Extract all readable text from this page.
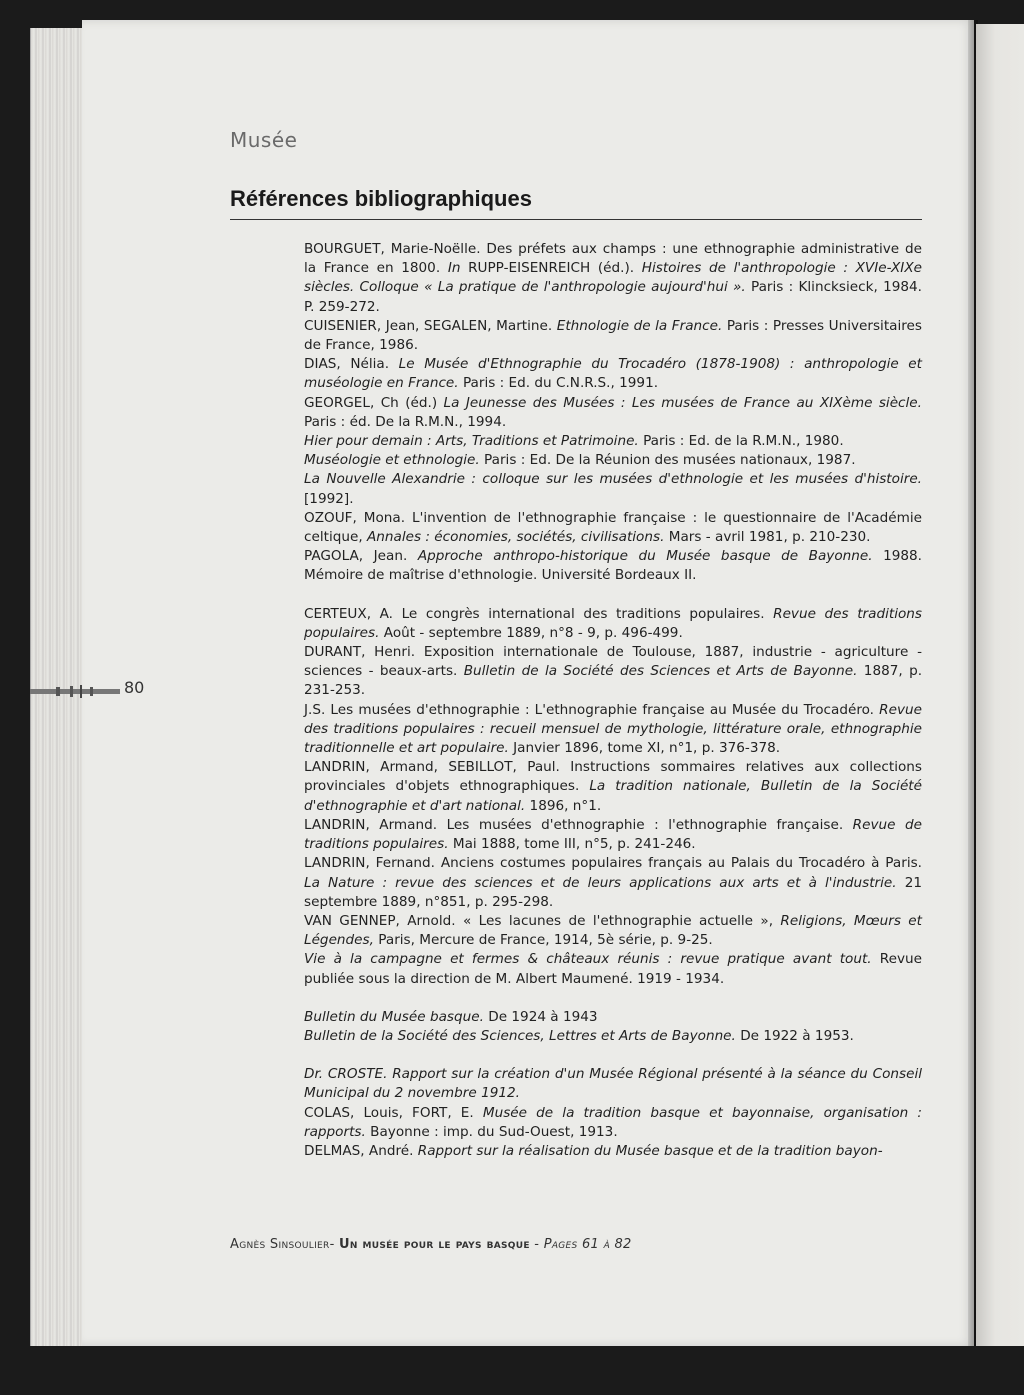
80
Musée
Références bibliographiques

BOURGUET, Marie-Noëlle. Des préfets aux champs : une ethnographie administrative de la France en 1800. In RUPP-EISENREICH (éd.). Histoires de l'anthropologie : XVIe-XIXe siècles. Colloque « La pratique de l'anthropologie aujourd'hui ». Paris : Klincksieck, 1984. P. 259-272.

CUISENIER, Jean, SEGALEN, Martine. Ethnologie de la France. Paris : Presses Universitaires de France, 1986.

DIAS, Nélia. Le Musée d'Ethnographie du Trocadéro (1878-1908) : anthropologie et muséologie en France. Paris : Ed. du C.N.R.S., 1991.

GEORGEL, Ch (éd.) La Jeunesse des Musées : Les musées de France au XIXème siècle. Paris : éd. De la R.M.N., 1994.

Hier pour demain : Arts, Traditions et Patrimoine. Paris : Ed. de la R.M.N., 1980.

Muséologie et ethnologie. Paris : Ed. De la Réunion des musées nationaux, 1987.

La Nouvelle Alexandrie : colloque sur les musées d'ethnologie et les musées d'histoire. [1992].

OZOUF, Mona. L'invention de l'ethnographie française : le questionnaire de l'Académie celtique, Annales : économies, sociétés, civilisations. Mars - avril 1981, p. 210-230.

PAGOLA, Jean. Approche anthropo-historique du Musée basque de Bayonne. 1988. Mémoire de maîtrise d'ethnologie. Université Bordeaux II.

CERTEUX, A. Le congrès international des traditions populaires. Revue des traditions populaires. Août - septembre 1889, n°8 - 9, p. 496-499.

DURANT, Henri. Exposition internationale de Toulouse, 1887, industrie - agriculture - sciences - beaux-arts. Bulletin de la Société des Sciences et Arts de Bayonne. 1887, p. 231-253.

J.S. Les musées d'ethnographie : L'ethnographie française au Musée du Trocadéro. Revue des traditions populaires : recueil mensuel de mythologie, littérature orale, ethnographie traditionnelle et art populaire. Janvier 1896, tome XI, n°1, p. 376-378.

LANDRIN, Armand, SEBILLOT, Paul. Instructions sommaires relatives aux collections provinciales d'objets ethnographiques. La tradition nationale, Bulletin de la Société d'ethnographie et d'art national. 1896, n°1.

LANDRIN, Armand. Les musées d'ethnographie : l'ethnographie française. Revue de traditions populaires. Mai 1888, tome III, n°5, p. 241-246.

LANDRIN, Fernand. Anciens costumes populaires français au Palais du Trocadéro à Paris. La Nature : revue des sciences et de leurs applications aux arts et à l'industrie. 21 septembre 1889, n°851, p. 295-298.

VAN GENNEP, Arnold. « Les lacunes de l'ethnographie actuelle », Religions, Mœurs et Légendes, Paris, Mercure de France, 1914, 5è série, p. 9-25.

Vie à la campagne et fermes & châteaux réunis : revue pratique avant tout. Revue publiée sous la direction de M. Albert Maumené. 1919 - 1934.

Bulletin du Musée basque. De 1924 à 1943

Bulletin de la Société des Sciences, Lettres et Arts de Bayonne. De 1922 à 1953.

Dr. CROSTE. Rapport sur la création d'un Musée Régional présenté à la séance du Conseil Municipal du 2 novembre 1912.

COLAS, Louis, FORT, E. Musée de la tradition basque et bayonnaise, organisation : rapports. Bayonne : imp. du Sud-Ouest, 1913.

DELMAS, André. Rapport sur la réalisation du Musée basque et de la tradition bayon-

Agnès Sinsoulier- Un musée pour le pays basque - Pages 61 à 82
